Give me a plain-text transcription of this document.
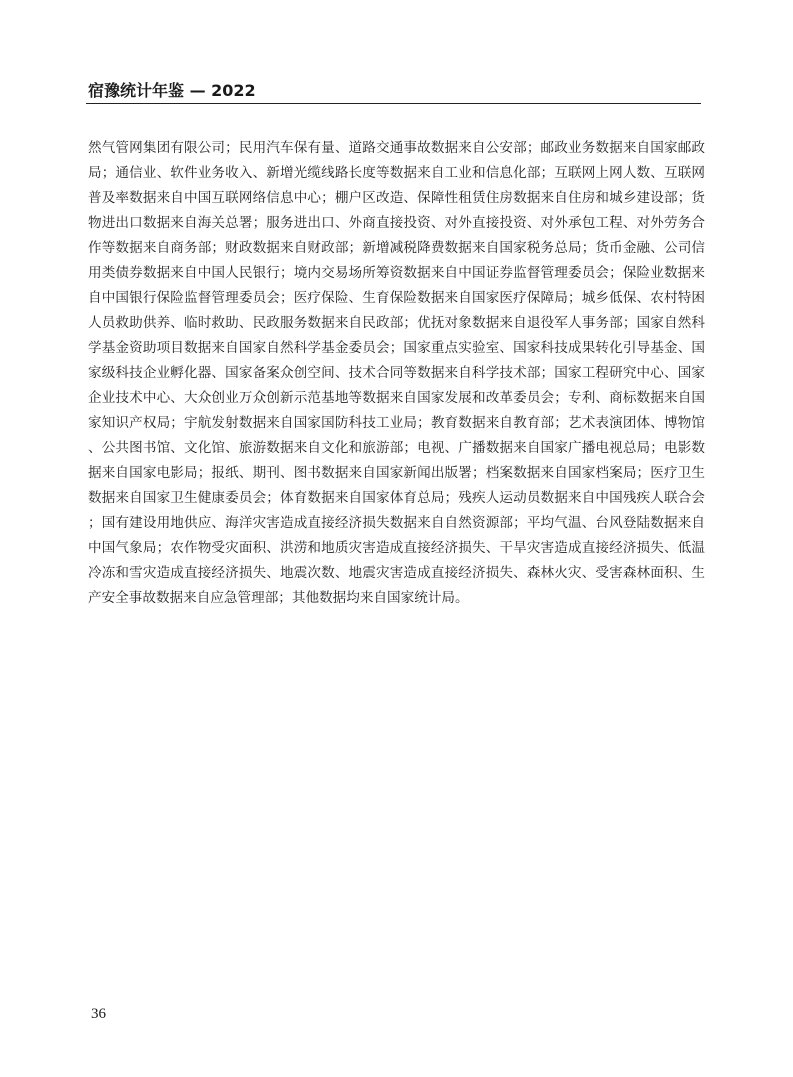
宿豫统计年鉴 — 2022

然气管网集团有限公司；民用汽车保有量、道路交通事故数据来自公安部；邮政业务数据来自国家邮政局；通信业、软件业务收入、新增光缆线路长度等数据来自工业和信息化部；互联网上网人数、互联网普及率数据来自中国互联网络信息中心；棚户区改造、保障性租赁住房数据来自住房和城乡建设部；货物进出口数据来自海关总署；服务进出口、外商直接投资、对外直接投资、对外承包工程、对外劳务合作等数据来自商务部；财政数据来自财政部；新增减税降费数据来自国家税务总局；货币金融、公司信用类债券数据来自中国人民银行；境内交易场所筹资数据来自中国证券监督管理委员会；保险业数据来自中国银行保险监督管理委员会；医疗保险、生育保险数据来自国家医疗保障局；城乡低保、农村特困人员救助供养、临时救助、民政服务数据来自民政部；优抚对象数据来自退役军人事务部；国家自然科学基金资助项目数据来自国家自然科学基金委员会；国家重点实验室、国家科技成果转化引导基金、国家级科技企业孵化器、国家备案众创空间、技术合同等数据来自科学技术部；国家工程研究中心、国家企业技术中心、大众创业万众创新示范基地等数据来自国家发展和改革委员会；专利、商标数据来自国家知识产权局；宇航发射数据来自国家国防科技工业局；教育数据来自教育部；艺术表演团体、博物馆、公共图书馆、文化馆、旅游数据来自文化和旅游部；电视、广播数据来自国家广播电视总局；电影数据来自国家电影局；报纸、期刊、图书数据来自国家新闻出版署；档案数据来自国家档案局；医疗卫生数据来自国家卫生健康委员会；体育数据来自国家体育总局；残疾人运动员数据来自中国残疾人联合会；国有建设用地供应、海洋灾害造成直接经济损失数据来自自然资源部；平均气温、台风登陆数据来自中国气象局；农作物受灾面积、洪涝和地质灾害造成直接经济损失、干旱灾害造成直接经济损失、低温冷冻和雪灾造成直接经济损失、地震次数、地震灾害造成直接经济损失、森林火灾、受害森林面积、生产安全事故数据来自应急管理部；其他数据均来自国家统计局。

36
